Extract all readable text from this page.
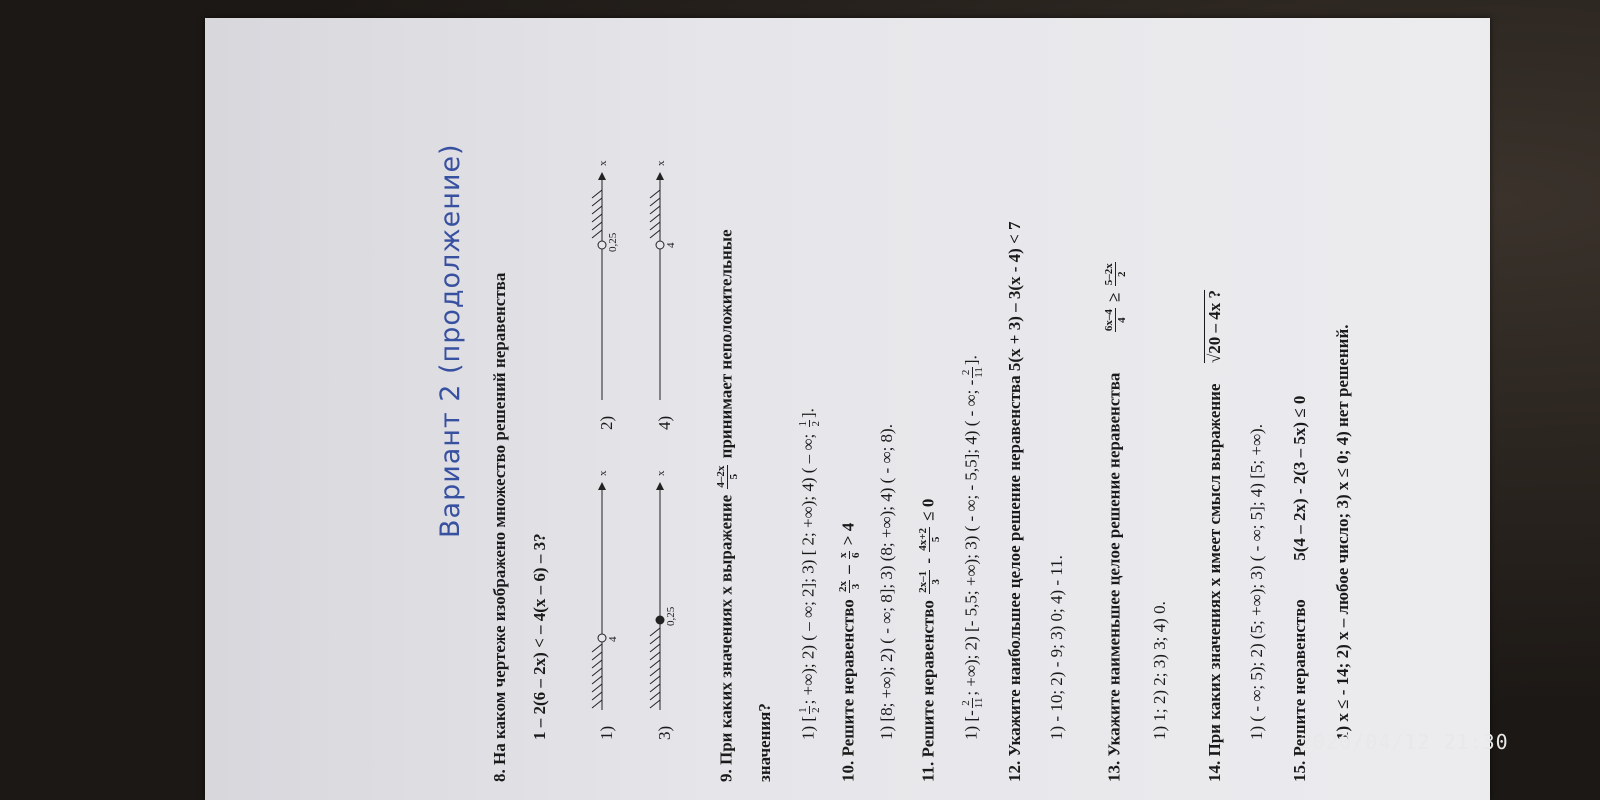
Вариант 2 (продолжение) 8. На каком чертеже изображено множество решений неравенства 1 – 2(6 – 2x) < – 4(x – 6) – 3?	1)
4
x
2)
0,25
x
3)
0,25
x
4)
4
x
9. При каких значениях x выражение
4–2x 5
принимает неположительные
значения? 1) [
1 2
; +∞); 2) ( – ∞; 2]; 3) [ 2; +∞); 4) ( – ∞;
1 2
].
10. Решите неравенство
2x 3
–
x 6
> 4 1) [8; +∞); 2) ( - ∞; 8]; 3) (8; +∞); 4) ( - ∞; 8). 11. Решите неравенство
2x–1 3
-
4x+2 5
≤ 0
1) [-
2 11
; +∞); 2) [- 5,5; +∞); 3) ( - ∞; - 5,5]; 4) ( - ∞; -
2 11
]. 12. Укажите наибольшее целое решение неравенства 5(x + 3) – 3(x - 4) < 7 1) - 10; 2) - 9; 3) 0; 4) - 11. 13. Укажите наименьшее целое решение неравенства
6x–4 4
≥
5–2x 2
1) 1; 2) 2; 3) 3; 4) 0. 14. При каких значениях x имеет смысл выражение  √20 – 4x ?
1) ( - ∞; 5); 2) (5; +∞); 3) ( - ∞; 5]; 4) [5; +∞). 15. Решите неравенство  5(4 – 2x) - 2(3 – 5x) ≤ 0 1) x ≤ - 14; 2) x – любое число; 3) x ≤ 0; 4) нет решений.
2020/04/12 21:30
